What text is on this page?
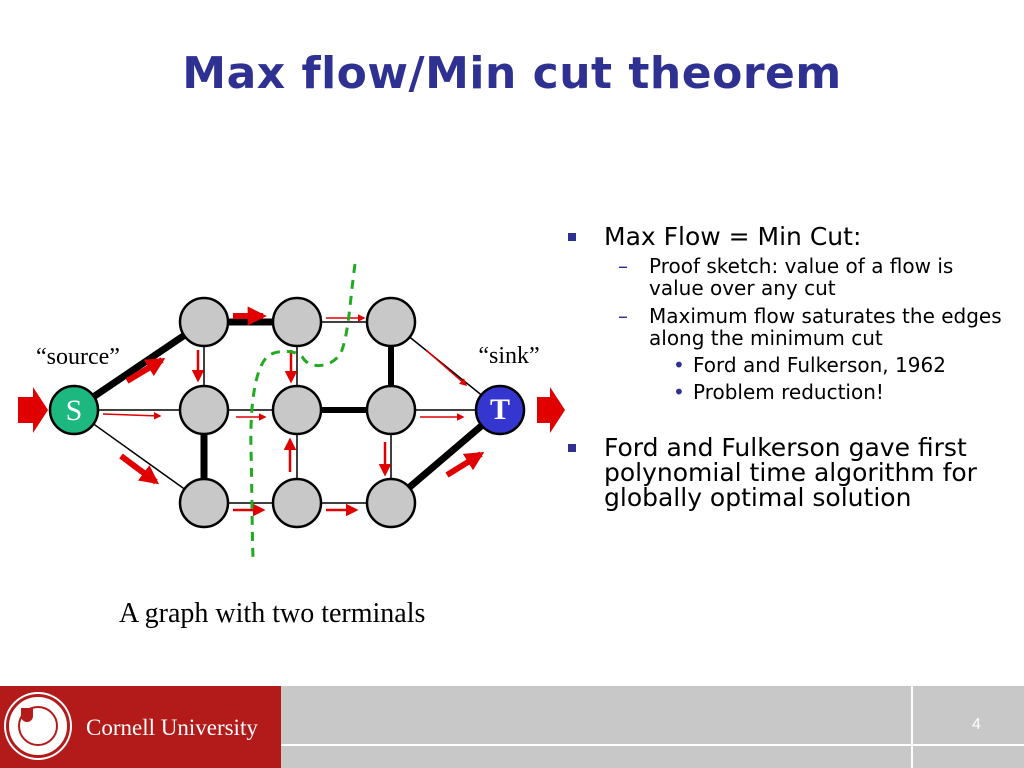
Max flow/Min cut theorem
S	T
“source”	“sink”
A graph with two terminals
Max Flow = Min Cut:
– Proof sketch: value of a flow is value over any cut
– Maximum flow saturates the edges along the minimum cut
• Ford and Fulkerson, 1962
• Problem reduction!
Ford and Fulkerson gave first polynomial time algorithm for globally optimal solution
Cornell University	4
